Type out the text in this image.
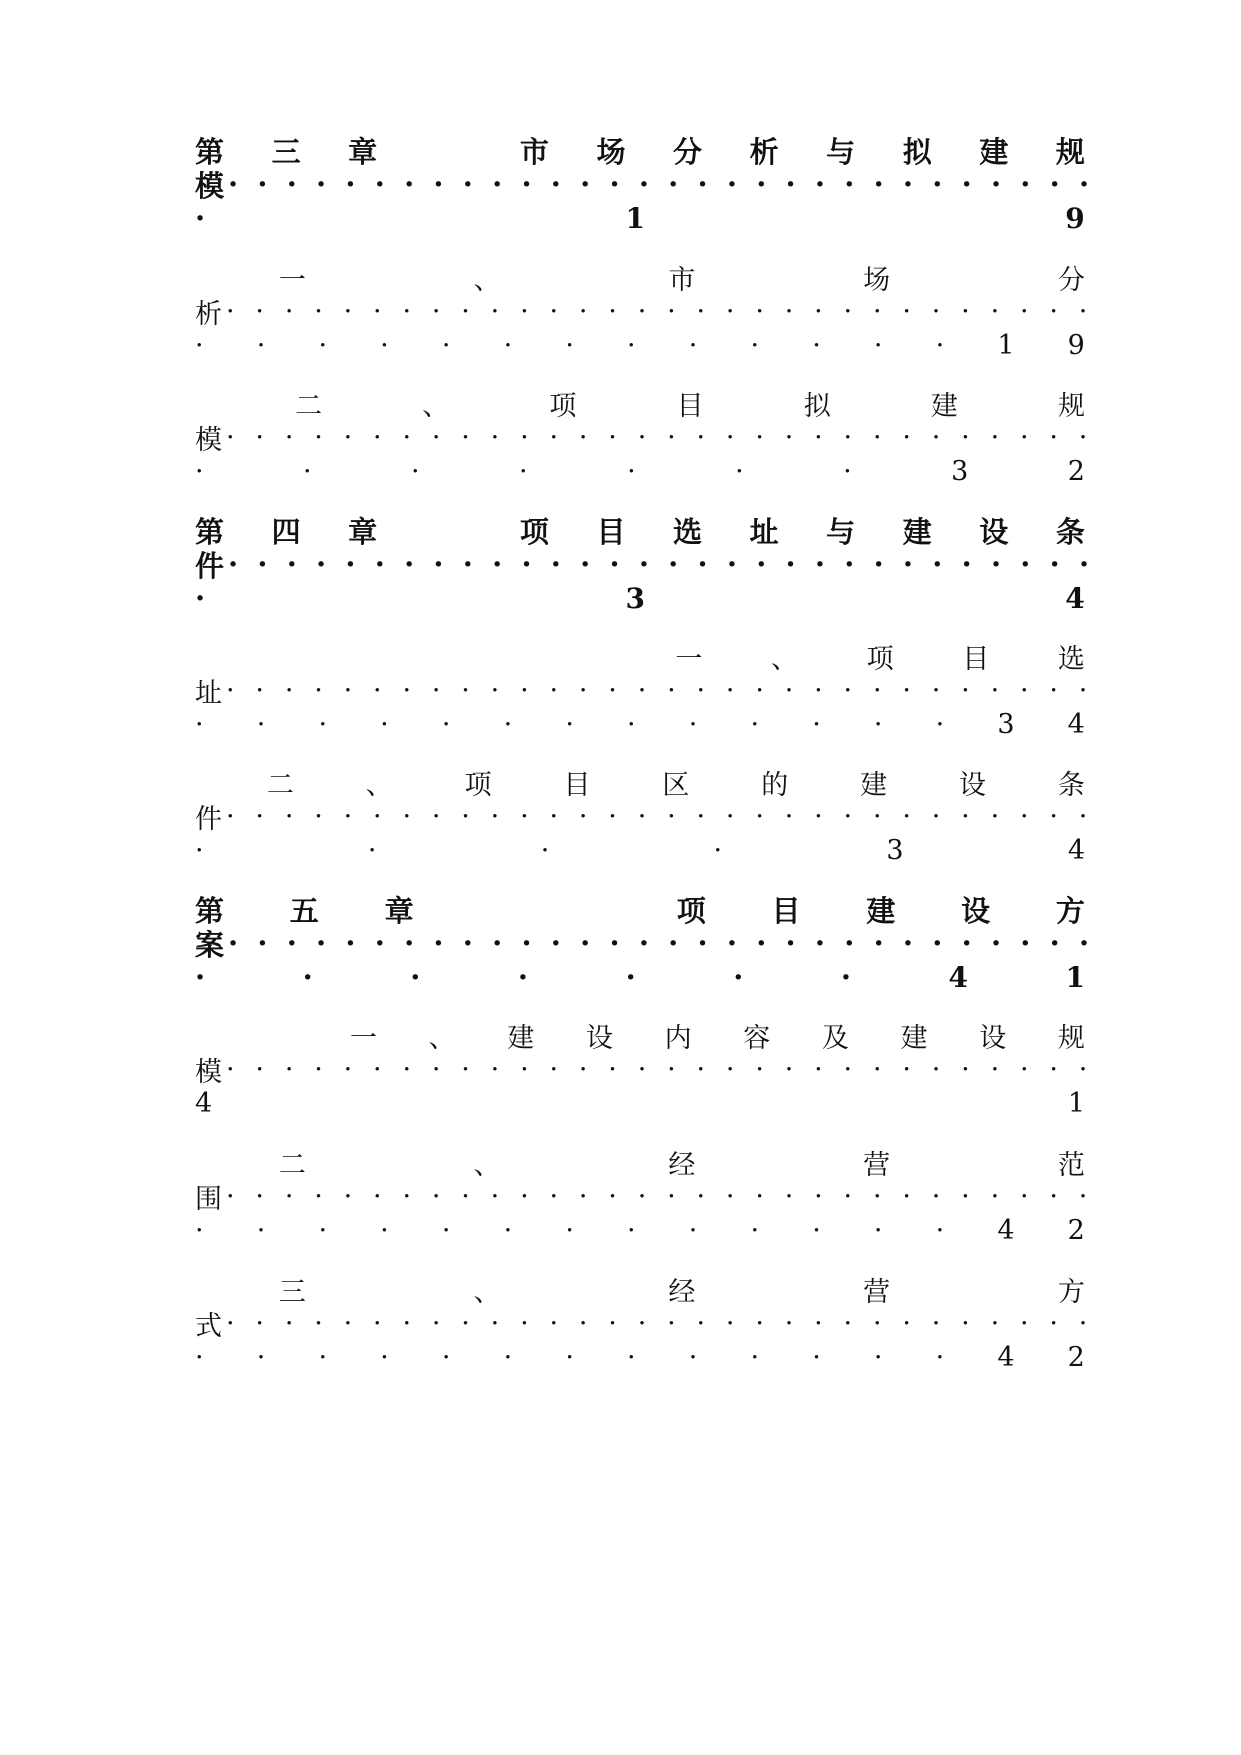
第 三 章	市 场 分 析 与 拟 建 规
模 · · · · · · · · · · · · · · · · · · · · · · · · · · · · · ·
·	1	9
一	、	市	场	分
析 · · · · · · · · · · · · · · · · · · · · · · · · · · · · · ·
· · · · · · · · · · · · · 1 9
二	、	项	目	拟	建	规
模 · · · · · · · · · · · · · · · · · · · · · · · · · · · · · ·
·	·	·	·	·	·	·	3	2
第 四 章	项 目 选 址 与 建 设 条
件 · · · · · · · · · · · · · · · · · · · · · · · · · · · · · ·
·	3	4
一	、	项	目	选
址 · · · · · · · · · · · · · · · · · · · · · · · · · · · · · ·
· · · · · · · · · · · · · 3 4
二	、	项	目	区	的	建	设	条
件 · · · · · · · · · · · · · · · · · · · · · · · · · · · · · ·
·	·	·	·	3	4
第 五 章	项 目 建 设 方
案 · · · · · · · · · · · · · · · · · · · · · · · · · · · · · ·
·	·	·	·	·	·	·	4	1
一 、 建 设 内 容 及 建 设 规
模 · · · · · · · · · · · · · · · · · · · · · · · · · · · · · ·
4	1
二	、	经	营	范
围 · · · · · · · · · · · · · · · · · · · · · · · · · · · · · ·
· · · · · · · · · · · · · 4 2
三	、	经	营	方
式 · · · · · · · · · · · · · · · · · · · · · · · · · · · · · ·
· · · · · · · · · · · · · 4 2
